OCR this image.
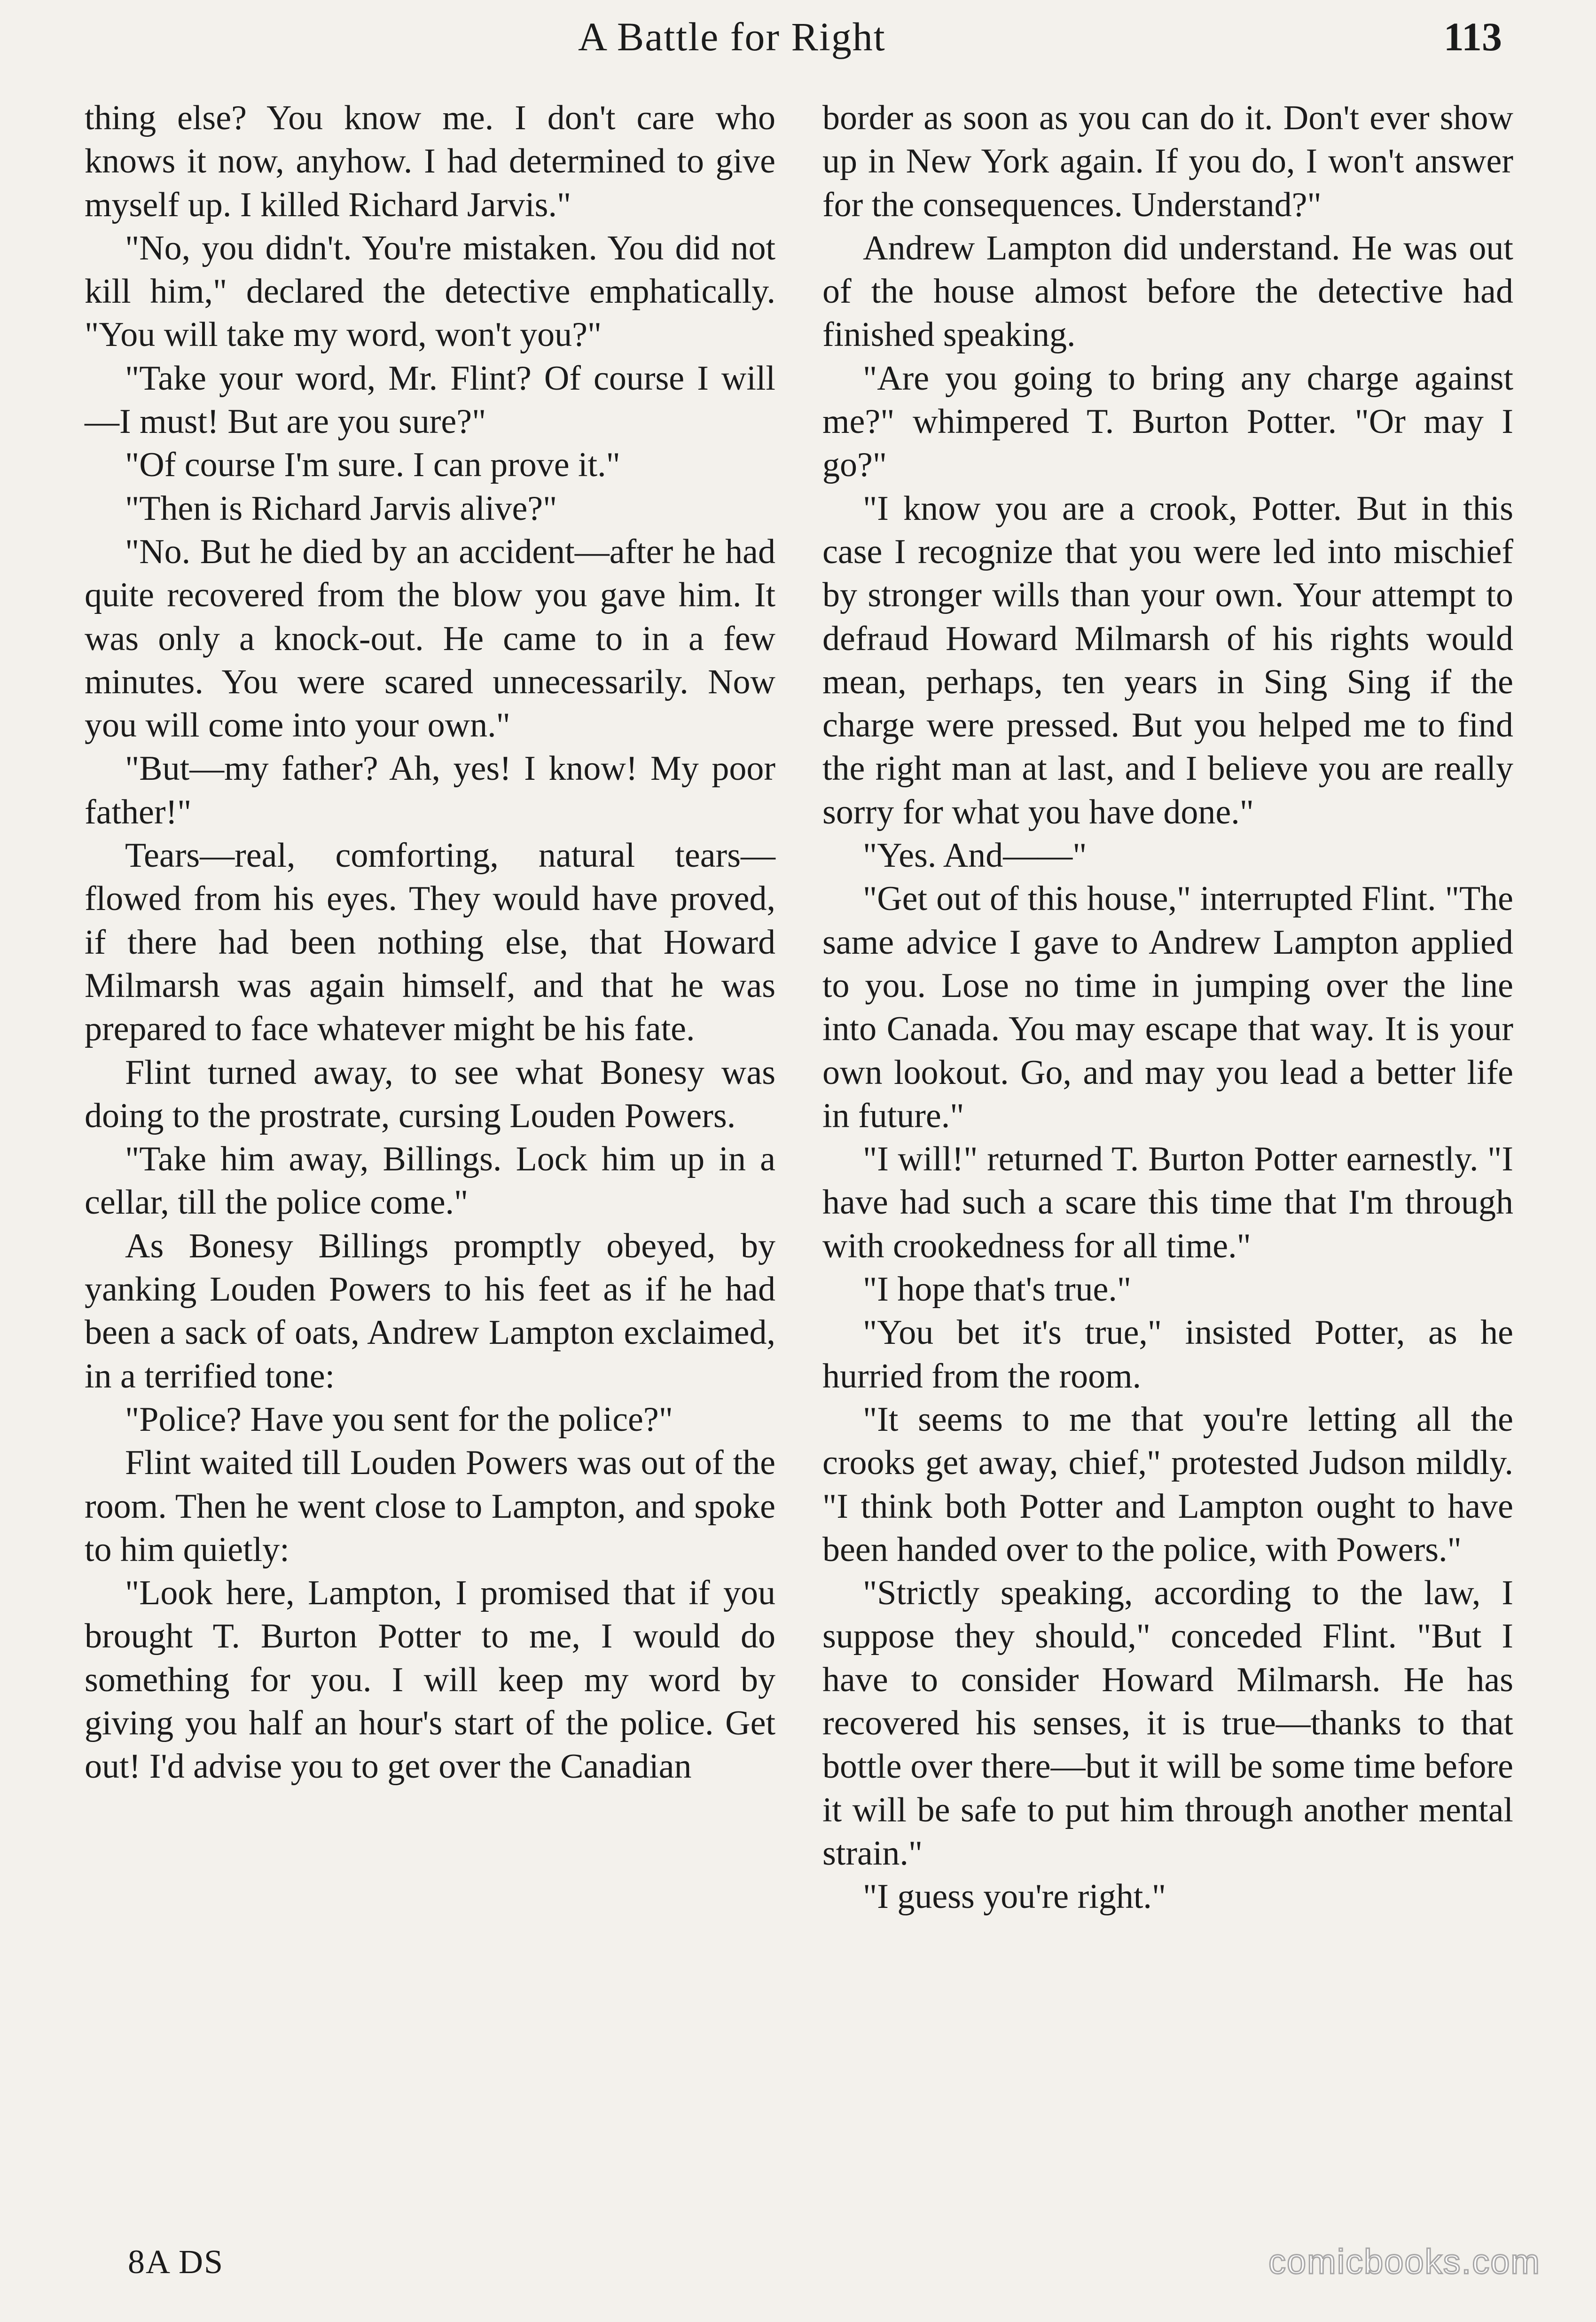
A Battle for Right	113

thing else? You know me. I don't care who knows it now, anyhow. I had determined to give myself up. I killed Richard Jarvis."

"No, you didn't. You're mistaken. You did not kill him," declared the detective emphatically. "You will take my word, won't you?"

"Take your word, Mr. Flint? Of course I will—I must! But are you sure?"

"Of course I'm sure. I can prove it."

"Then is Richard Jarvis alive?"

"No. But he died by an accident—after he had quite recovered from the blow you gave him. It was only a knock-out. He came to in a few minutes. You were scared unnecessarily. Now you will come into your own."

"But—my father? Ah, yes! I know! My poor father!"

Tears—real, comforting, natural tears—flowed from his eyes. They would have proved, if there had been nothing else, that Howard Milmarsh was again himself, and that he was prepared to face whatever might be his fate.

Flint turned away, to see what Bonesy was doing to the prostrate, cursing Louden Powers.

"Take him away, Billings. Lock him up in a cellar, till the police come."

As Bonesy Billings promptly obeyed, by yanking Louden Powers to his feet as if he had been a sack of oats, Andrew Lampton exclaimed, in a terrified tone:

"Police? Have you sent for the police?"

Flint waited till Louden Powers was out of the room. Then he went close to Lampton, and spoke to him quietly:

"Look here, Lampton, I promised that if you brought T. Burton Potter to me, I would do something for you. I will keep my word by giving you half an hour's start of the police. Get out! I'd advise you to get over the Canadian

border as soon as you can do it. Don't ever show up in New York again. If you do, I won't answer for the consequences. Understand?"

Andrew Lampton did understand. He was out of the house almost before the detective had finished speaking.

"Are you going to bring any charge against me?" whimpered T. Burton Potter. "Or may I go?"

"I know you are a crook, Potter. But in this case I recognize that you were led into mischief by stronger wills than your own. Your attempt to defraud Howard Milmarsh of his rights would mean, perhaps, ten years in Sing Sing if the charge were pressed. But you helped me to find the right man at last, and I believe you are really sorry for what you have done."

"Yes. And——"

"Get out of this house," interrupted Flint. "The same advice I gave to Andrew Lampton applied to you. Lose no time in jumping over the line into Canada. You may escape that way. It is your own lookout. Go, and may you lead a better life in future."

"I will!" returned T. Burton Potter earnestly. "I have had such a scare this time that I'm through with crookedness for all time."

"I hope that's true."

"You bet it's true," insisted Potter, as he hurried from the room.

"It seems to me that you're letting all the crooks get away, chief," protested Judson mildly. "I think both Potter and Lampton ought to have been handed over to the police, with Powers."

"Strictly speaking, according to the law, I suppose they should," conceded Flint. "But I have to consider Howard Milmarsh. He has recovered his senses, it is true—thanks to that bottle over there—but it will be some time before it will be safe to put him through another mental strain."

"I guess you're right."

8A DS	comicbooks.com
